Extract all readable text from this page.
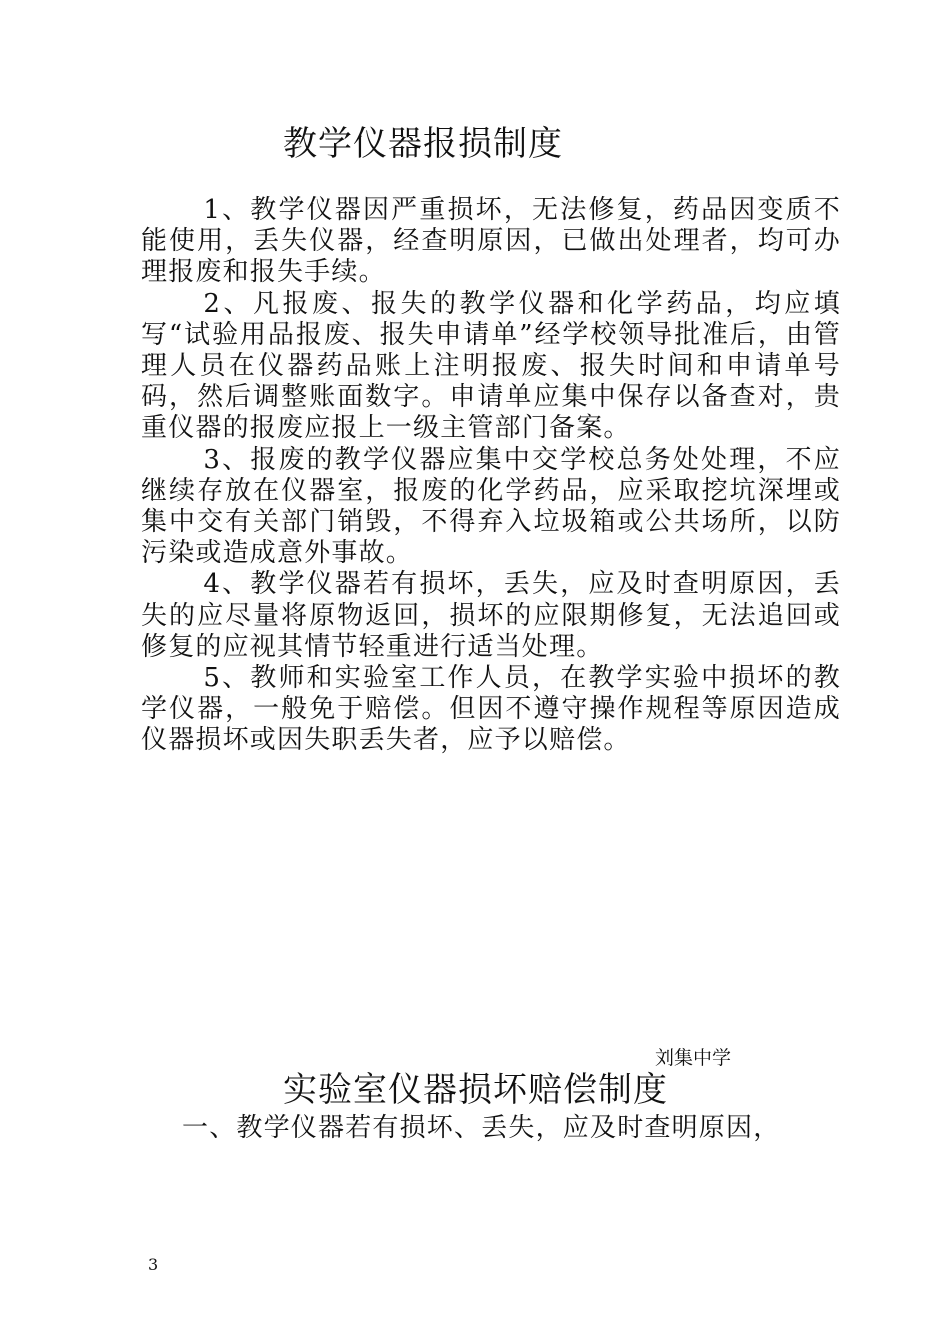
教学仪器报损制度

1、教学仪器因严重损坏，无法修复，药品因变质不能使用，丢失仪器，经查明原因，已做出处理者，均可办理报废和报失手续。

2、凡报废、报失的教学仪器和化学药品，均应填写“试验用品报废、报失申请单”经学校领导批准后，由管理人员在仪器药品账上注明报废、报失时间和申请单号码，然后调整账面数字。申请单应集中保存以备查对，贵重仪器的报废应报上一级主管部门备案。

3、报废的教学仪器应集中交学校总务处处理，不应继续存放在仪器室，报废的化学药品，应采取挖坑深埋或集中交有关部门销毁，不得弃入垃圾箱或公共场所，以防污染或造成意外事故。

4、教学仪器若有损坏，丢失，应及时查明原因，丢失的应尽量将原物返回，损坏的应限期修复，无法追回或修复的应视其情节轻重进行适当处理。

5、教师和实验室工作人员，在教学实验中损坏的教学仪器，一般免于赔偿。但因不遵守操作规程等原因造成仪器损坏或因失职丢失者，应予以赔偿。

刘集中学
实验室仪器损坏赔偿制度
一、教学仪器若有损坏、丢失，应及时查明原因，
3
